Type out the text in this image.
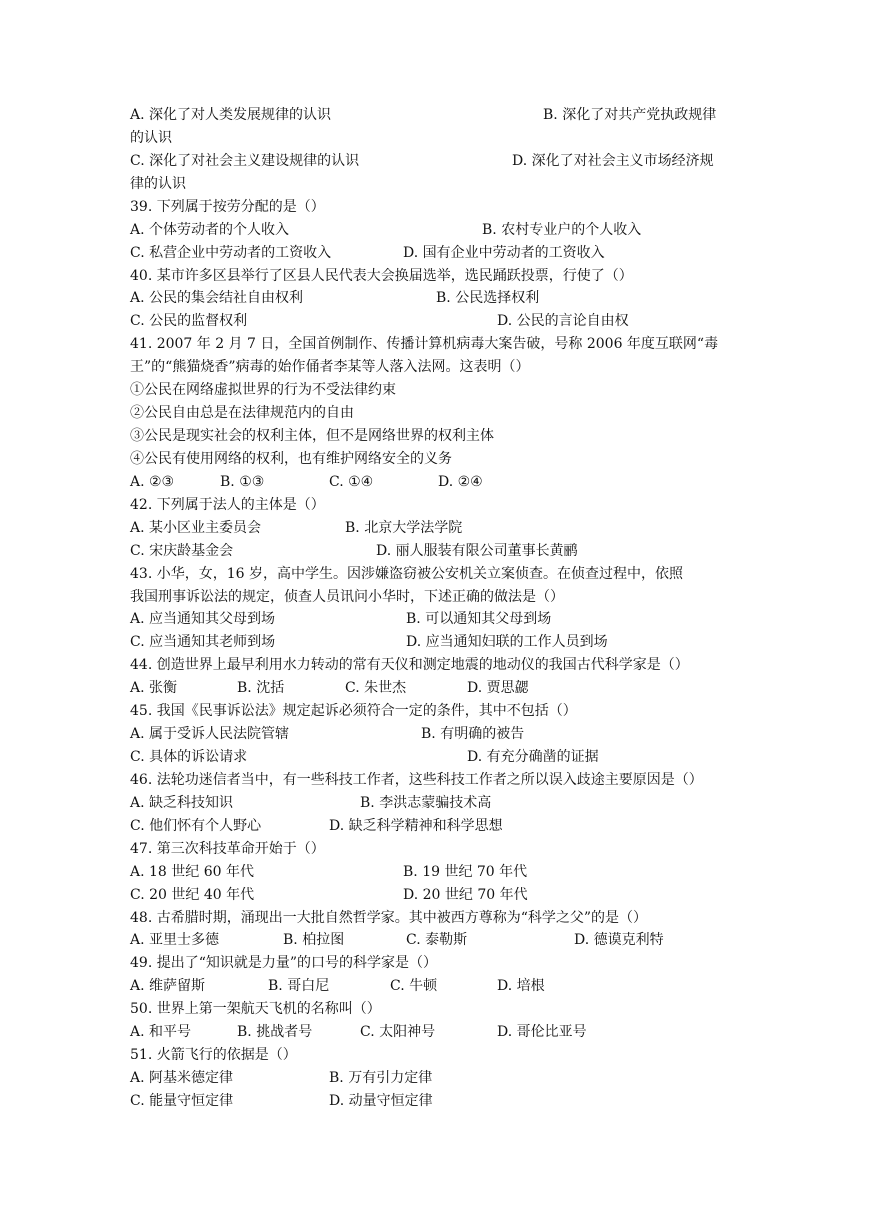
A. 深化了对人类发展规律的认识	B. 深化了对共产党执政规律
的认识
C. 深化了对社会主义建设规律的认识	D. 深化了对社会主义市场经济规
律的认识
39. 下列属于按劳分配的是（）
A. 个体劳动者的个人收入	B. 农村专业户的个人收入
C. 私营企业中劳动者的工资收入	D. 国有企业中劳动者的工资收入
40. 某市许多区县举行了区县人民代表大会换届选举，选民踊跃投票，行使了（）
A. 公民的集会结社自由权利	B. 公民选择权利
C. 公民的监督权利	D. 公民的言论自由权
41. 2007 年 2 月 7 日，全国首例制作、传播计算机病毒大案告破，号称 2006 年度互联网“毒
王”的“熊猫烧香”病毒的始作俑者李某等人落入法网。这表明（）
①公民在网络虚拟世界的行为不受法律约束
②公民自由总是在法律规范内的自由
③公民是现实社会的权利主体，但不是网络世界的权利主体
④公民有使用网络的权利，也有维护网络安全的义务
A. ②③	B. ①③	C. ①④	D. ②④
42. 下列属于法人的主体是（）
A. 某小区业主委员会	B. 北京大学法学院
C. 宋庆龄基金会	D. 丽人服装有限公司董事长黄鹂
43. 小华，女，16 岁，高中学生。因涉嫌盗窃被公安机关立案侦查。在侦查过程中，依照
我国刑事诉讼法的规定，侦查人员讯问小华时，下述正确的做法是（）
A. 应当通知其父母到场	B. 可以通知其父母到场
C. 应当通知其老师到场	D. 应当通知妇联的工作人员到场
44. 创造世界上最早利用水力转动的常有天仪和测定地震的地动仪的我国古代科学家是（）
A. 张衡	B. 沈括	C. 朱世杰	D. 贾思勰
45. 我国《民事诉讼法》规定起诉必须符合一定的条件，其中不包括（）
A. 属于受诉人民法院管辖	B. 有明确的被告
C. 具体的诉讼请求	D. 有充分确凿的证据
46. 法轮功迷信者当中，有一些科技工作者，这些科技工作者之所以误入歧途主要原因是（）
A. 缺乏科技知识	B. 李洪志蒙骗技术高
C. 他们怀有个人野心	D. 缺乏科学精神和科学思想
47. 第三次科技革命开始于（）
A. 18 世纪 60 年代	B. 19 世纪 70 年代
C. 20 世纪 40 年代	D. 20 世纪 70 年代
48. 古希腊时期，涌现出一大批自然哲学家。其中被西方尊称为“科学之父”的是（）
A. 亚里士多德	B. 柏拉图	C. 泰勒斯	D. 德谟克利特
49. 提出了“知识就是力量”的口号的科学家是（）
A. 维萨留斯	B. 哥白尼	C. 牛顿	D. 培根
50. 世界上第一架航天飞机的名称叫（）
A. 和平号	B. 挑战者号	C. 太阳神号	D. 哥伦比亚号
51. 火箭飞行的依据是（）
A. 阿基米德定律	B. 万有引力定律
C. 能量守恒定律	D. 动量守恒定律
